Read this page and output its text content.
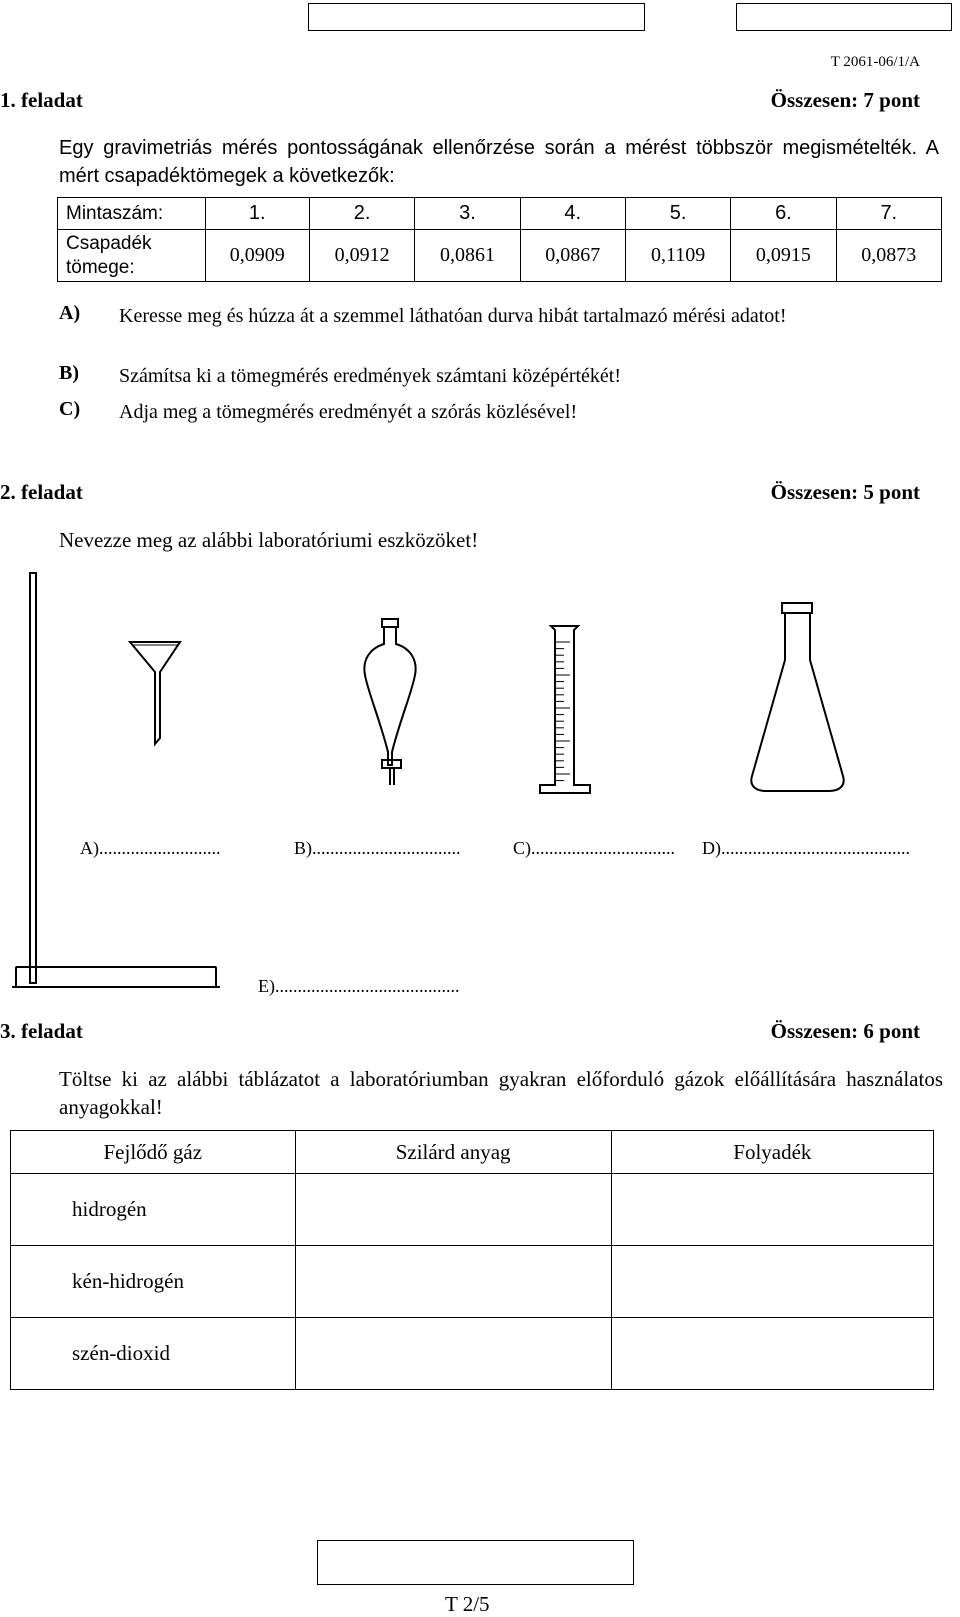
T 2061-06/1/A
1. feladat	Összesen: 7 pont
Egy gravimetriás mérés pontosságának ellenőrzése során a mérést többször megismételték. A mért csapadéktömegek a következők:
Mintaszám:	1.	2.	3.	4.	5.	6.	7.
Csapadék
tömege:	0,0909	0,0912	0,0861	0,0867	0,1109	0,0915	0,0873
A) Keresse meg és húzza át a szemmel láthatóan durva hibát tartalmazó mérési adatot!
B) Számítsa ki a tömegmérés eredmények számtani középértékét!
C) Adja meg a tömegmérés eredményét a szórás közlésével!
2. feladat	Összesen: 5 pont
Nevezze meg az alábbi laboratóriumi eszközöket!
A)...........................	B).................................	C)................................ D)..........................................
E).........................................
3. feladat	Összesen: 6 pont
Töltse ki az alábbi táblázatot a laboratóriumban gyakran előforduló gázok előállítására használatos anyagokkal!
Fejlődő gáz	Szilárd anyag	Folyadék
hidrogén		
kén-hidrogén		
szén-dioxid		
T 2/5
